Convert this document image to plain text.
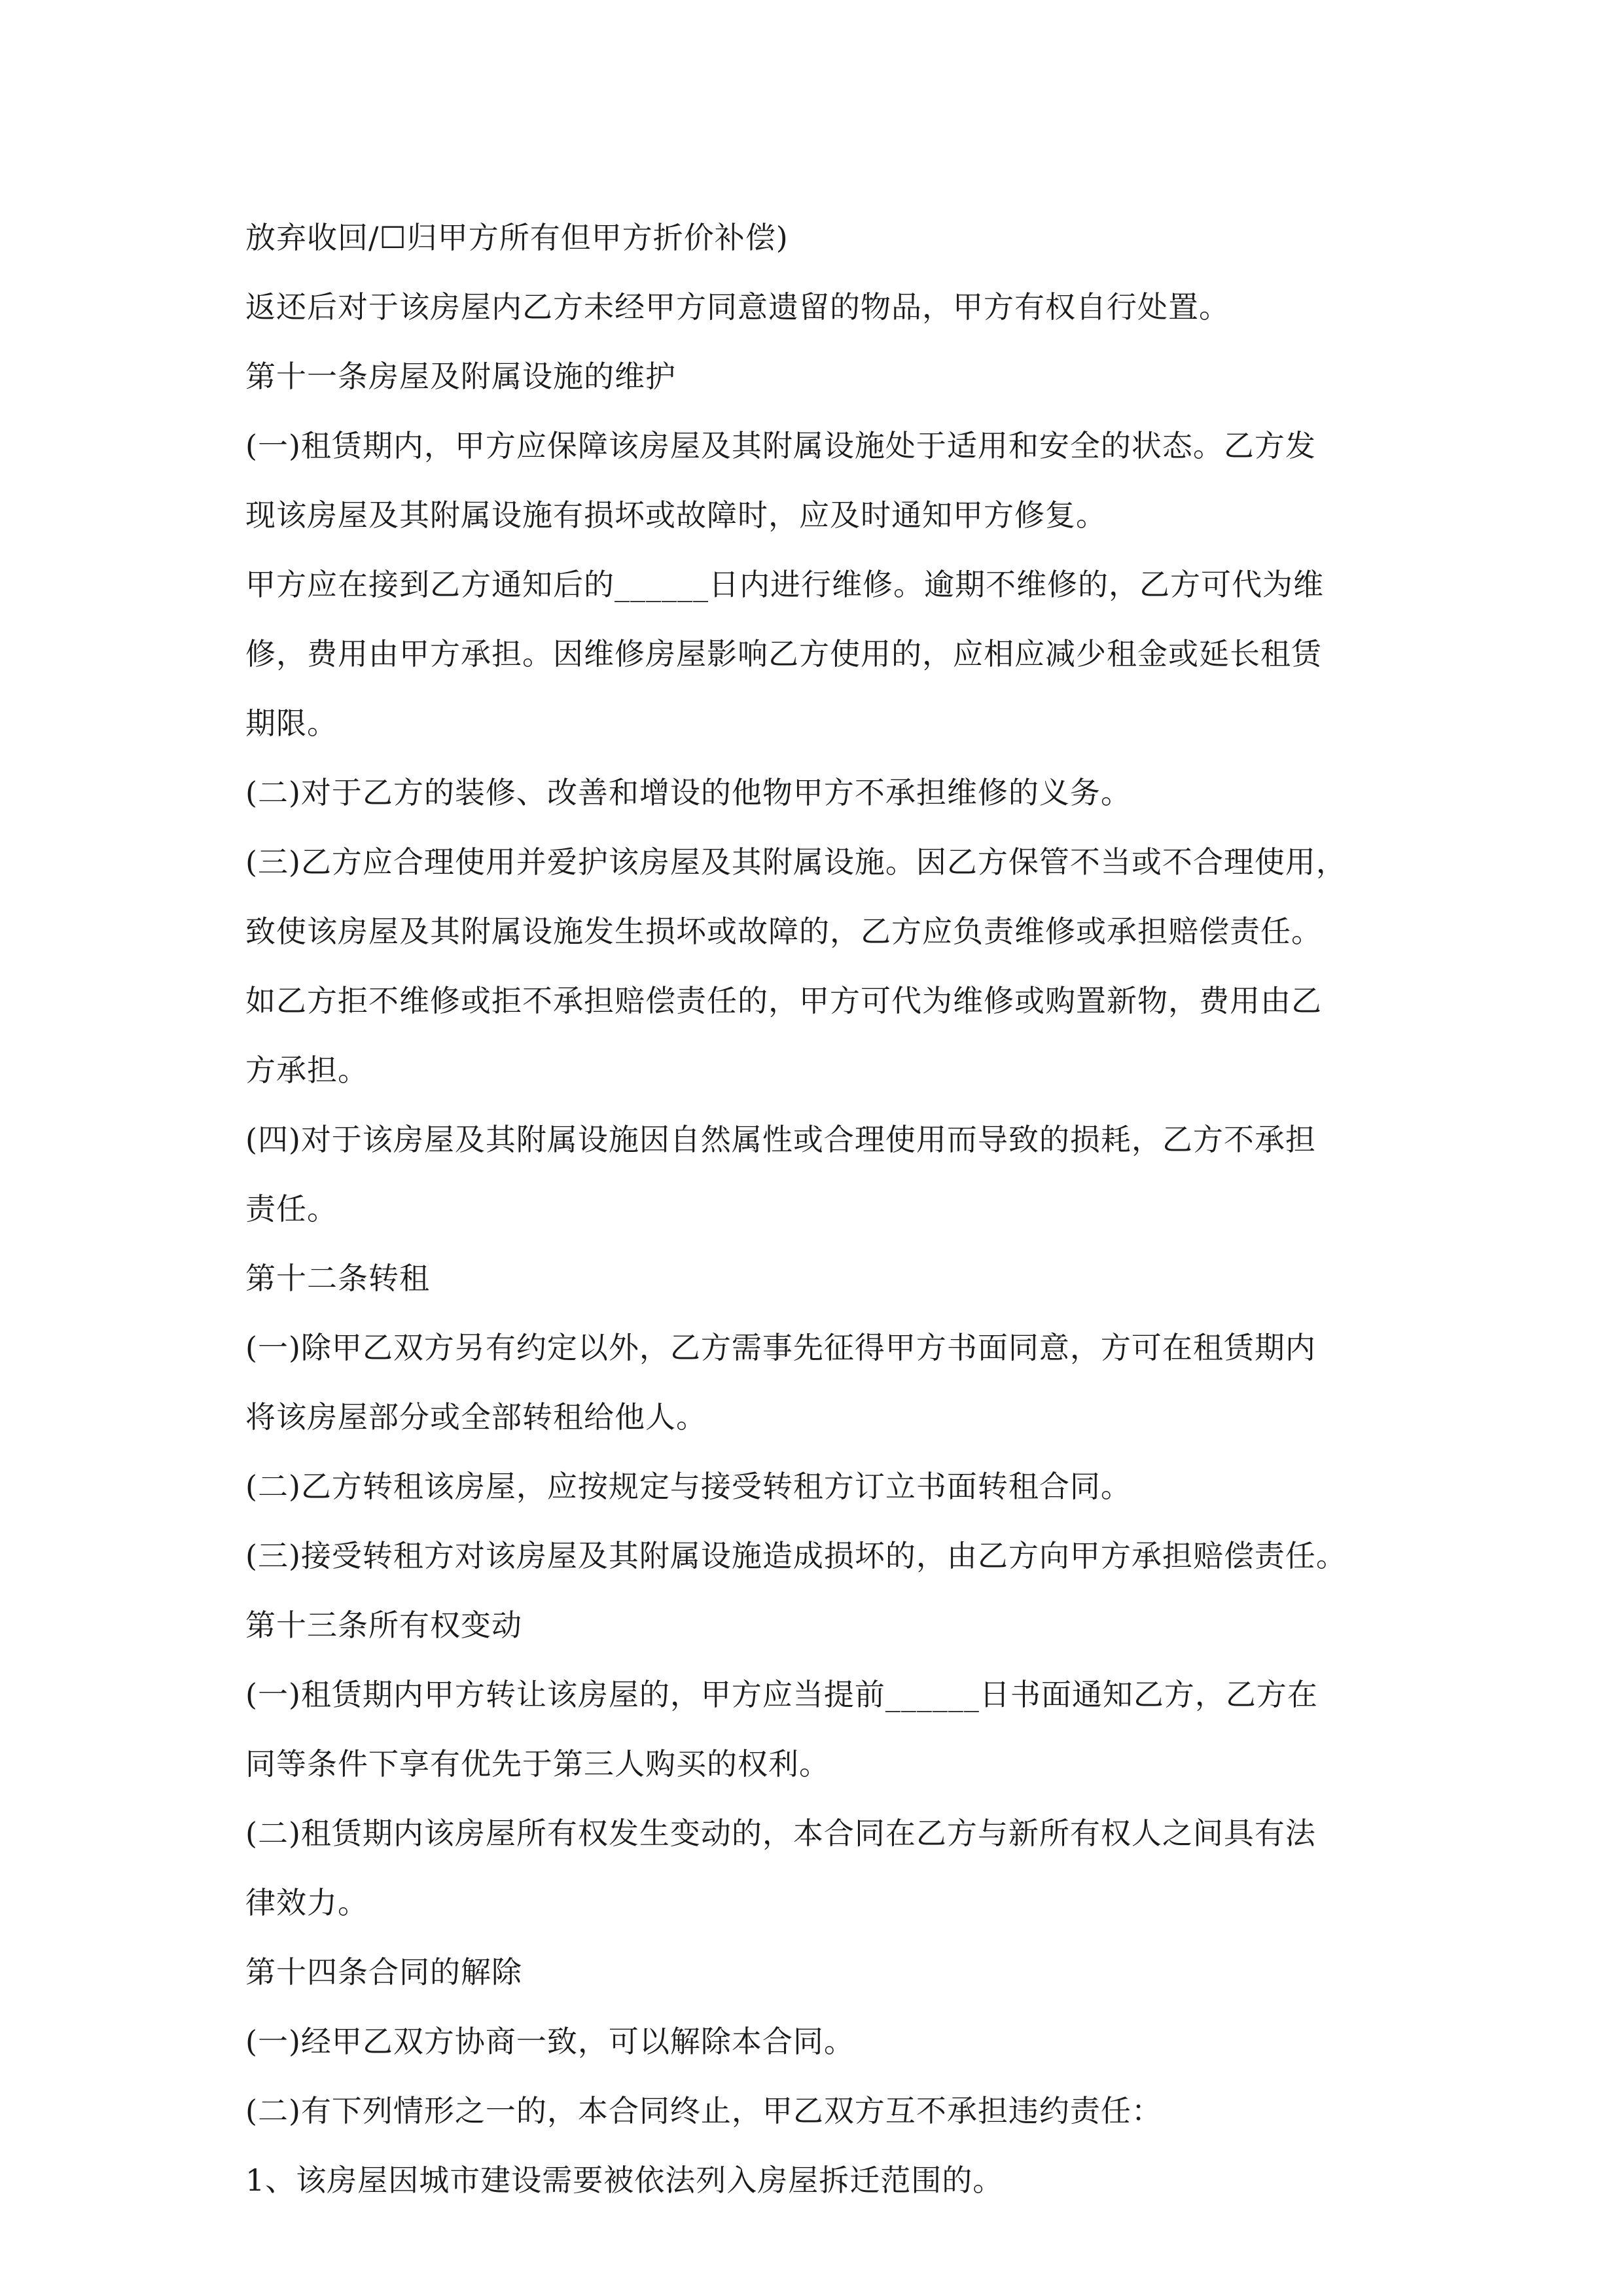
放弃收回/☐归甲方所有但甲方折价补偿)
返还后对于该房屋内乙方未经甲方同意遗留的物品，甲方有权自行处置。
第十一条房屋及附属设施的维护
(一)租赁期内，甲方应保障该房屋及其附属设施处于适用和安全的状态。乙方发
现该房屋及其附属设施有损坏或故障时，应及时通知甲方修复。
甲方应在接到乙方通知后的______日内进行维修。逾期不维修的，乙方可代为维
修，费用由甲方承担。因维修房屋影响乙方使用的，应相应减少租金或延长租赁
期限。
(二)对于乙方的装修、改善和增设的他物甲方不承担维修的义务。
(三)乙方应合理使用并爱护该房屋及其附属设施。因乙方保管不当或不合理使用，
致使该房屋及其附属设施发生损坏或故障的，乙方应负责维修或承担赔偿责任。
如乙方拒不维修或拒不承担赔偿责任的，甲方可代为维修或购置新物，费用由乙
方承担。
(四)对于该房屋及其附属设施因自然属性或合理使用而导致的损耗，乙方不承担
责任。
第十二条转租
(一)除甲乙双方另有约定以外，乙方需事先征得甲方书面同意，方可在租赁期内
将该房屋部分或全部转租给他人。
(二)乙方转租该房屋，应按规定与接受转租方订立书面转租合同。
(三)接受转租方对该房屋及其附属设施造成损坏的，由乙方向甲方承担赔偿责任。
第十三条所有权变动
(一)租赁期内甲方转让该房屋的，甲方应当提前______日书面通知乙方，乙方在
同等条件下享有优先于第三人购买的权利。
(二)租赁期内该房屋所有权发生变动的，本合同在乙方与新所有权人之间具有法
律效力。
第十四条合同的解除
(一)经甲乙双方协商一致，可以解除本合同。
(二)有下列情形之一的，本合同终止，甲乙双方互不承担违约责任：
1、该房屋因城市建设需要被依法列入房屋拆迁范围的。
